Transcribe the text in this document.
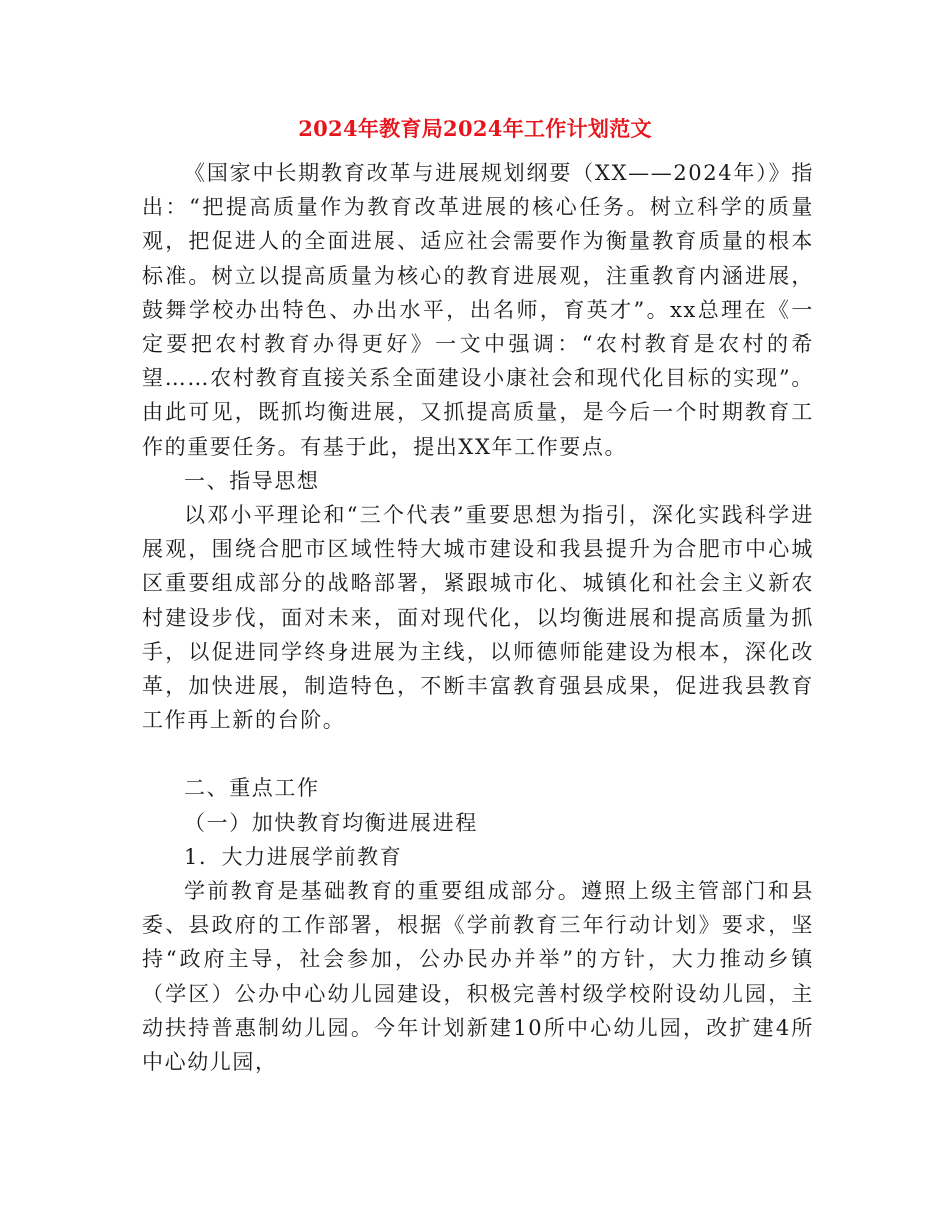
2024年教育局2024年工作计划范文

《国家中长期教育改革与进展规划纲要（XX——2024年）》指出：“把提高质量作为教育改革进展的核心任务。树立科学的质量观，把促进人的全面进展、适应社会需要作为衡量教育质量的根本标准。树立以提高质量为核心的教育进展观，注重教育内涵进展，鼓舞学校办出特色、办出水平，出名师，育英才”。xx总理在《一定要把农村教育办得更好》一文中强调：“农村教育是农村的希望……农村教育直接关系全面建设小康社会和现代化目标的实现”。由此可见，既抓均衡进展，又抓提高质量，是今后一个时期教育工作的重要任务。有基于此，提出XX年工作要点。

一、指导思想

以邓小平理论和“三个代表”重要思想为指引，深化实践科学进展观，围绕合肥市区域性特大城市建设和我县提升为合肥市中心城区重要组成部分的战略部署，紧跟城市化、城镇化和社会主义新农村建设步伐，面对未来，面对现代化，以均衡进展和提高质量为抓手，以促进同学终身进展为主线，以师德师能建设为根本，深化改革，加快进展，制造特色，不断丰富教育强县成果，促进我县教育工作再上新的台阶。

二、重点工作

（一）加快教育均衡进展进程

1．大力进展学前教育

学前教育是基础教育的重要组成部分。遵照上级主管部门和县委、县政府的工作部署，根据《学前教育三年行动计划》要求，坚持“政府主导，社会参加，公办民办并举”的方针，大力推动乡镇（学区）公办中心幼儿园建设，积极完善村级学校附设幼儿园，主动扶持普惠制幼儿园。今年计划新建10所中心幼儿园，改扩建4所中心幼儿园，
